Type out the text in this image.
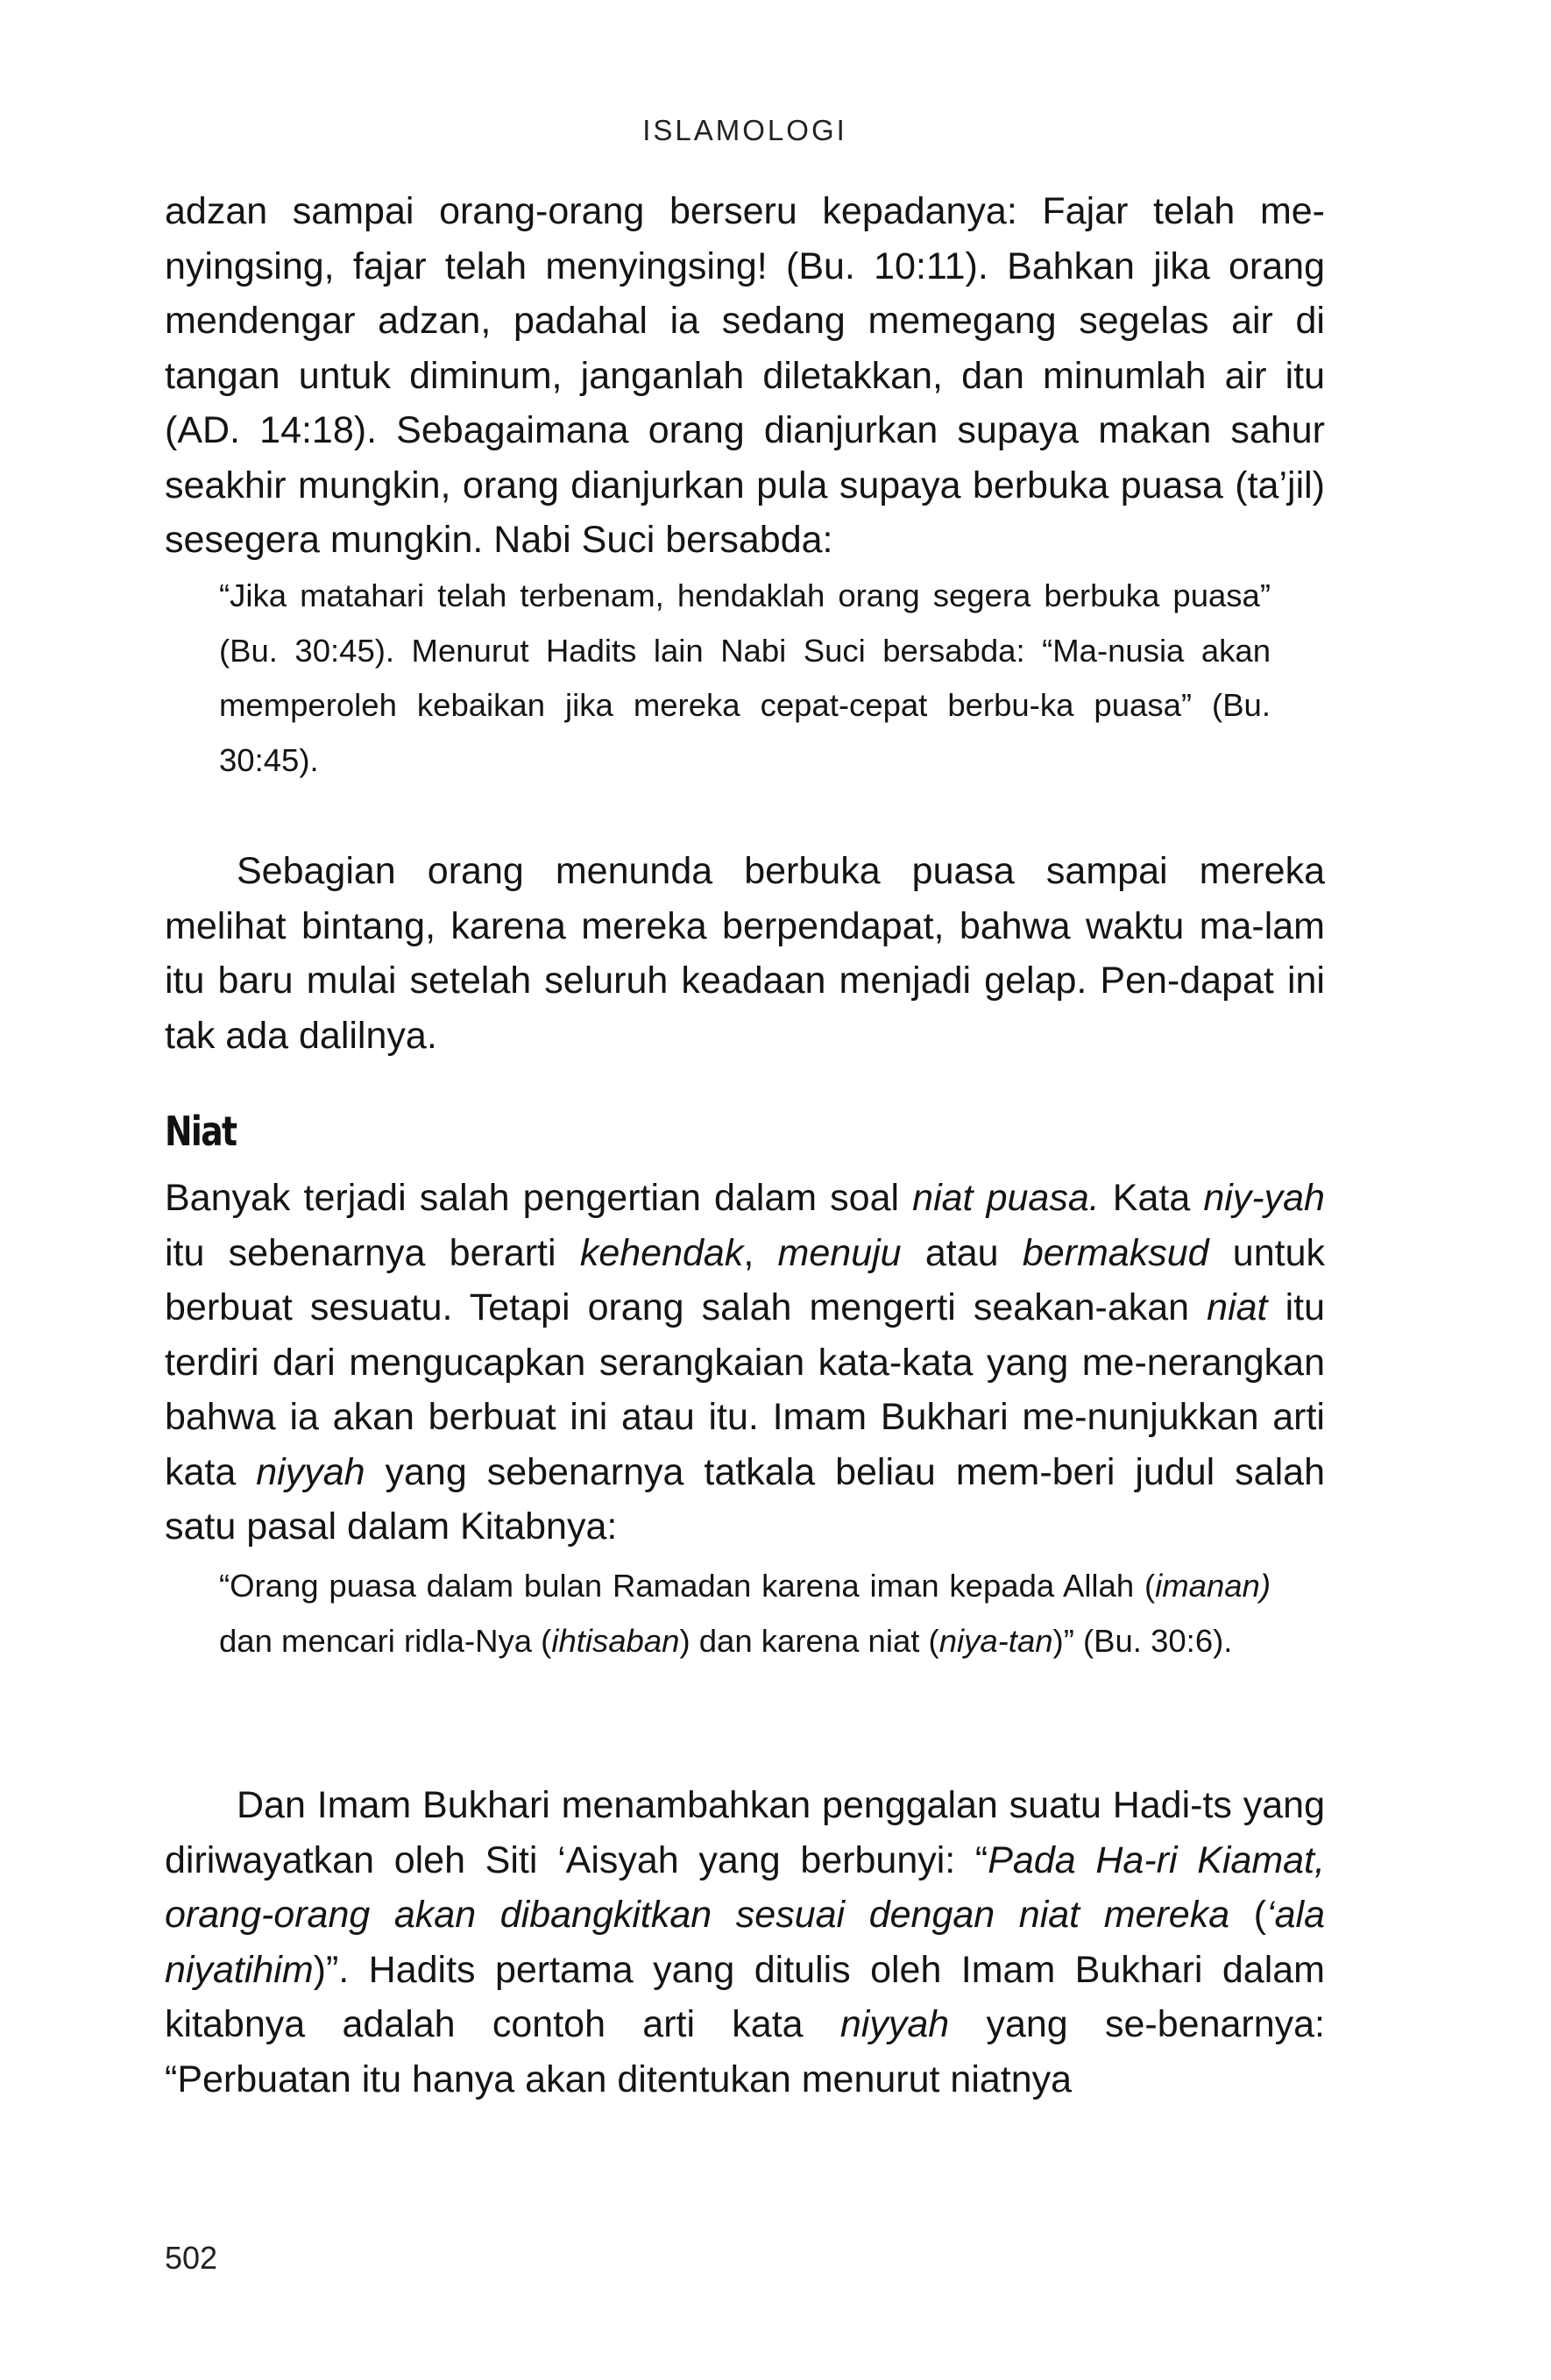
ISLAMOLOGI

adzan sampai orang-orang berseru kepadanya: Fajar telah me-nyingsing, fajar telah menyingsing! (Bu. 10:11). Bahkan jika orang mendengar adzan, padahal ia sedang memegang segelas air di tangan untuk diminum, janganlah diletakkan, dan minumlah air itu (AD. 14:18). Sebagaimana orang dianjurkan supaya makan sahur seakhir mungkin, orang dianjurkan pula supaya berbuka puasa (ta’jil) sesegera mungkin. Nabi Suci bersabda:

“Jika matahari telah terbenam, hendaklah orang segera berbuka puasa” (Bu. 30:45). Menurut Hadits lain Nabi Suci bersabda: “Ma-nusia akan memperoleh kebaikan jika mereka cepat-cepat berbu-ka puasa” (Bu. 30:45).

Sebagian orang menunda berbuka puasa sampai mereka melihat bintang, karena mereka berpendapat, bahwa waktu ma-lam itu baru mulai setelah seluruh keadaan menjadi gelap. Pen-dapat ini tak ada dalilnya.

Niat

Banyak terjadi salah pengertian dalam soal niat puasa. Kata niy-yah itu sebenarnya berarti kehendak, menuju atau bermaksud untuk berbuat sesuatu. Tetapi orang salah mengerti seakan-akan niat itu terdiri dari mengucapkan serangkaian kata-kata yang me-nerangkan bahwa ia akan berbuat ini atau itu. Imam Bukhari me-nunjukkan arti kata niyyah yang sebenarnya tatkala beliau mem-beri judul salah satu pasal dalam Kitabnya:

“Orang puasa dalam bulan Ramadan karena iman kepada Allah (imanan) dan mencari ridla-Nya (ihtisaban) dan karena niat (niya-tan)” (Bu. 30:6).

Dan Imam Bukhari menambahkan penggalan suatu Hadi-ts yang diriwayatkan oleh Siti ‘Aisyah yang berbunyi: “Pada Ha-ri Kiamat, orang-orang akan dibangkitkan sesuai dengan niat mereka (‘ala niyatihim)”. Hadits pertama yang ditulis oleh Imam Bukhari dalam kitabnya adalah contoh arti kata niyyah yang se-benarnya: “Perbuatan itu hanya akan ditentukan menurut niatnya

502
